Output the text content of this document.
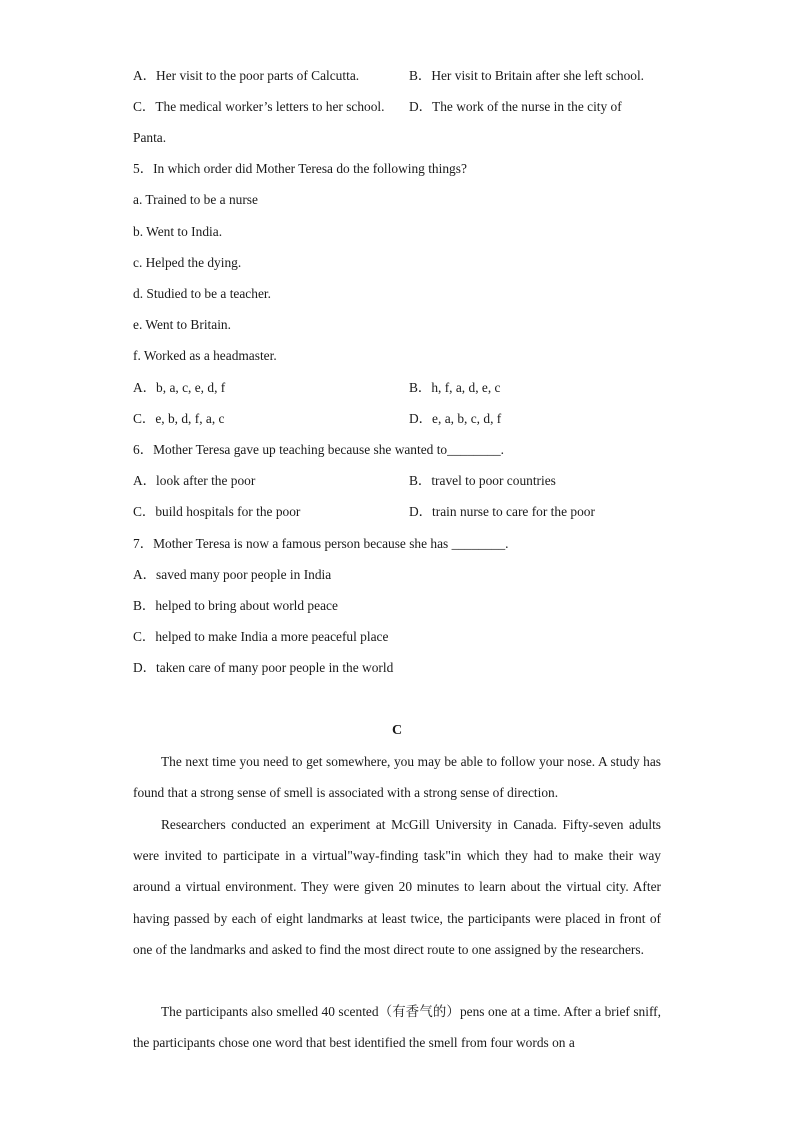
A．Her visit to the poor parts of Calcutta.	B．Her visit to Britain after she left school.
C．The medical worker’s letters to her school. D．The work of the nurse in the city of
Panta.
5．In which order did Mother Teresa do the following things?
a. Trained to be a nurse
b. Went to India.
c. Helped the dying.
d. Studied to be a teacher.
e. Went to Britain.
f. Worked as a headmaster.
A．b, a, c, e, d, f	B．h, f, a, d, e, c
C．e, b, d, f, a, c	D．e, a, b, c, d, f
6．Mother Teresa gave up teaching because she wanted to________.
A．look after the poor	B．travel to poor countries
C．build hospitals for the poor	D．train nurse to care for the poor
7．Mother Teresa is now a famous person because she has ________.
A．saved many poor people in India
B．helped to bring about world peace
C．helped to make India a more peaceful place
D．taken care of many poor people in the world
C
The next time you need to get somewhere, you may be able to follow your nose. A study has found that a strong sense of smell is associated with a strong sense of direction.
Researchers conducted an experiment at McGill University in Canada. Fifty-seven adults were invited to participate in a virtual"way-finding task"in which they had to make their way around a virtual environment. They were given 20 minutes to learn about the virtual city. After having passed by each of eight landmarks at least twice, the participants were placed in front of one of the landmarks and asked to find the most direct route to one assigned by the researchers.
The participants also smelled 40 scented（有香气的）pens one at a time. After a brief sniff, the participants chose one word that best identified the smell from four words on a
